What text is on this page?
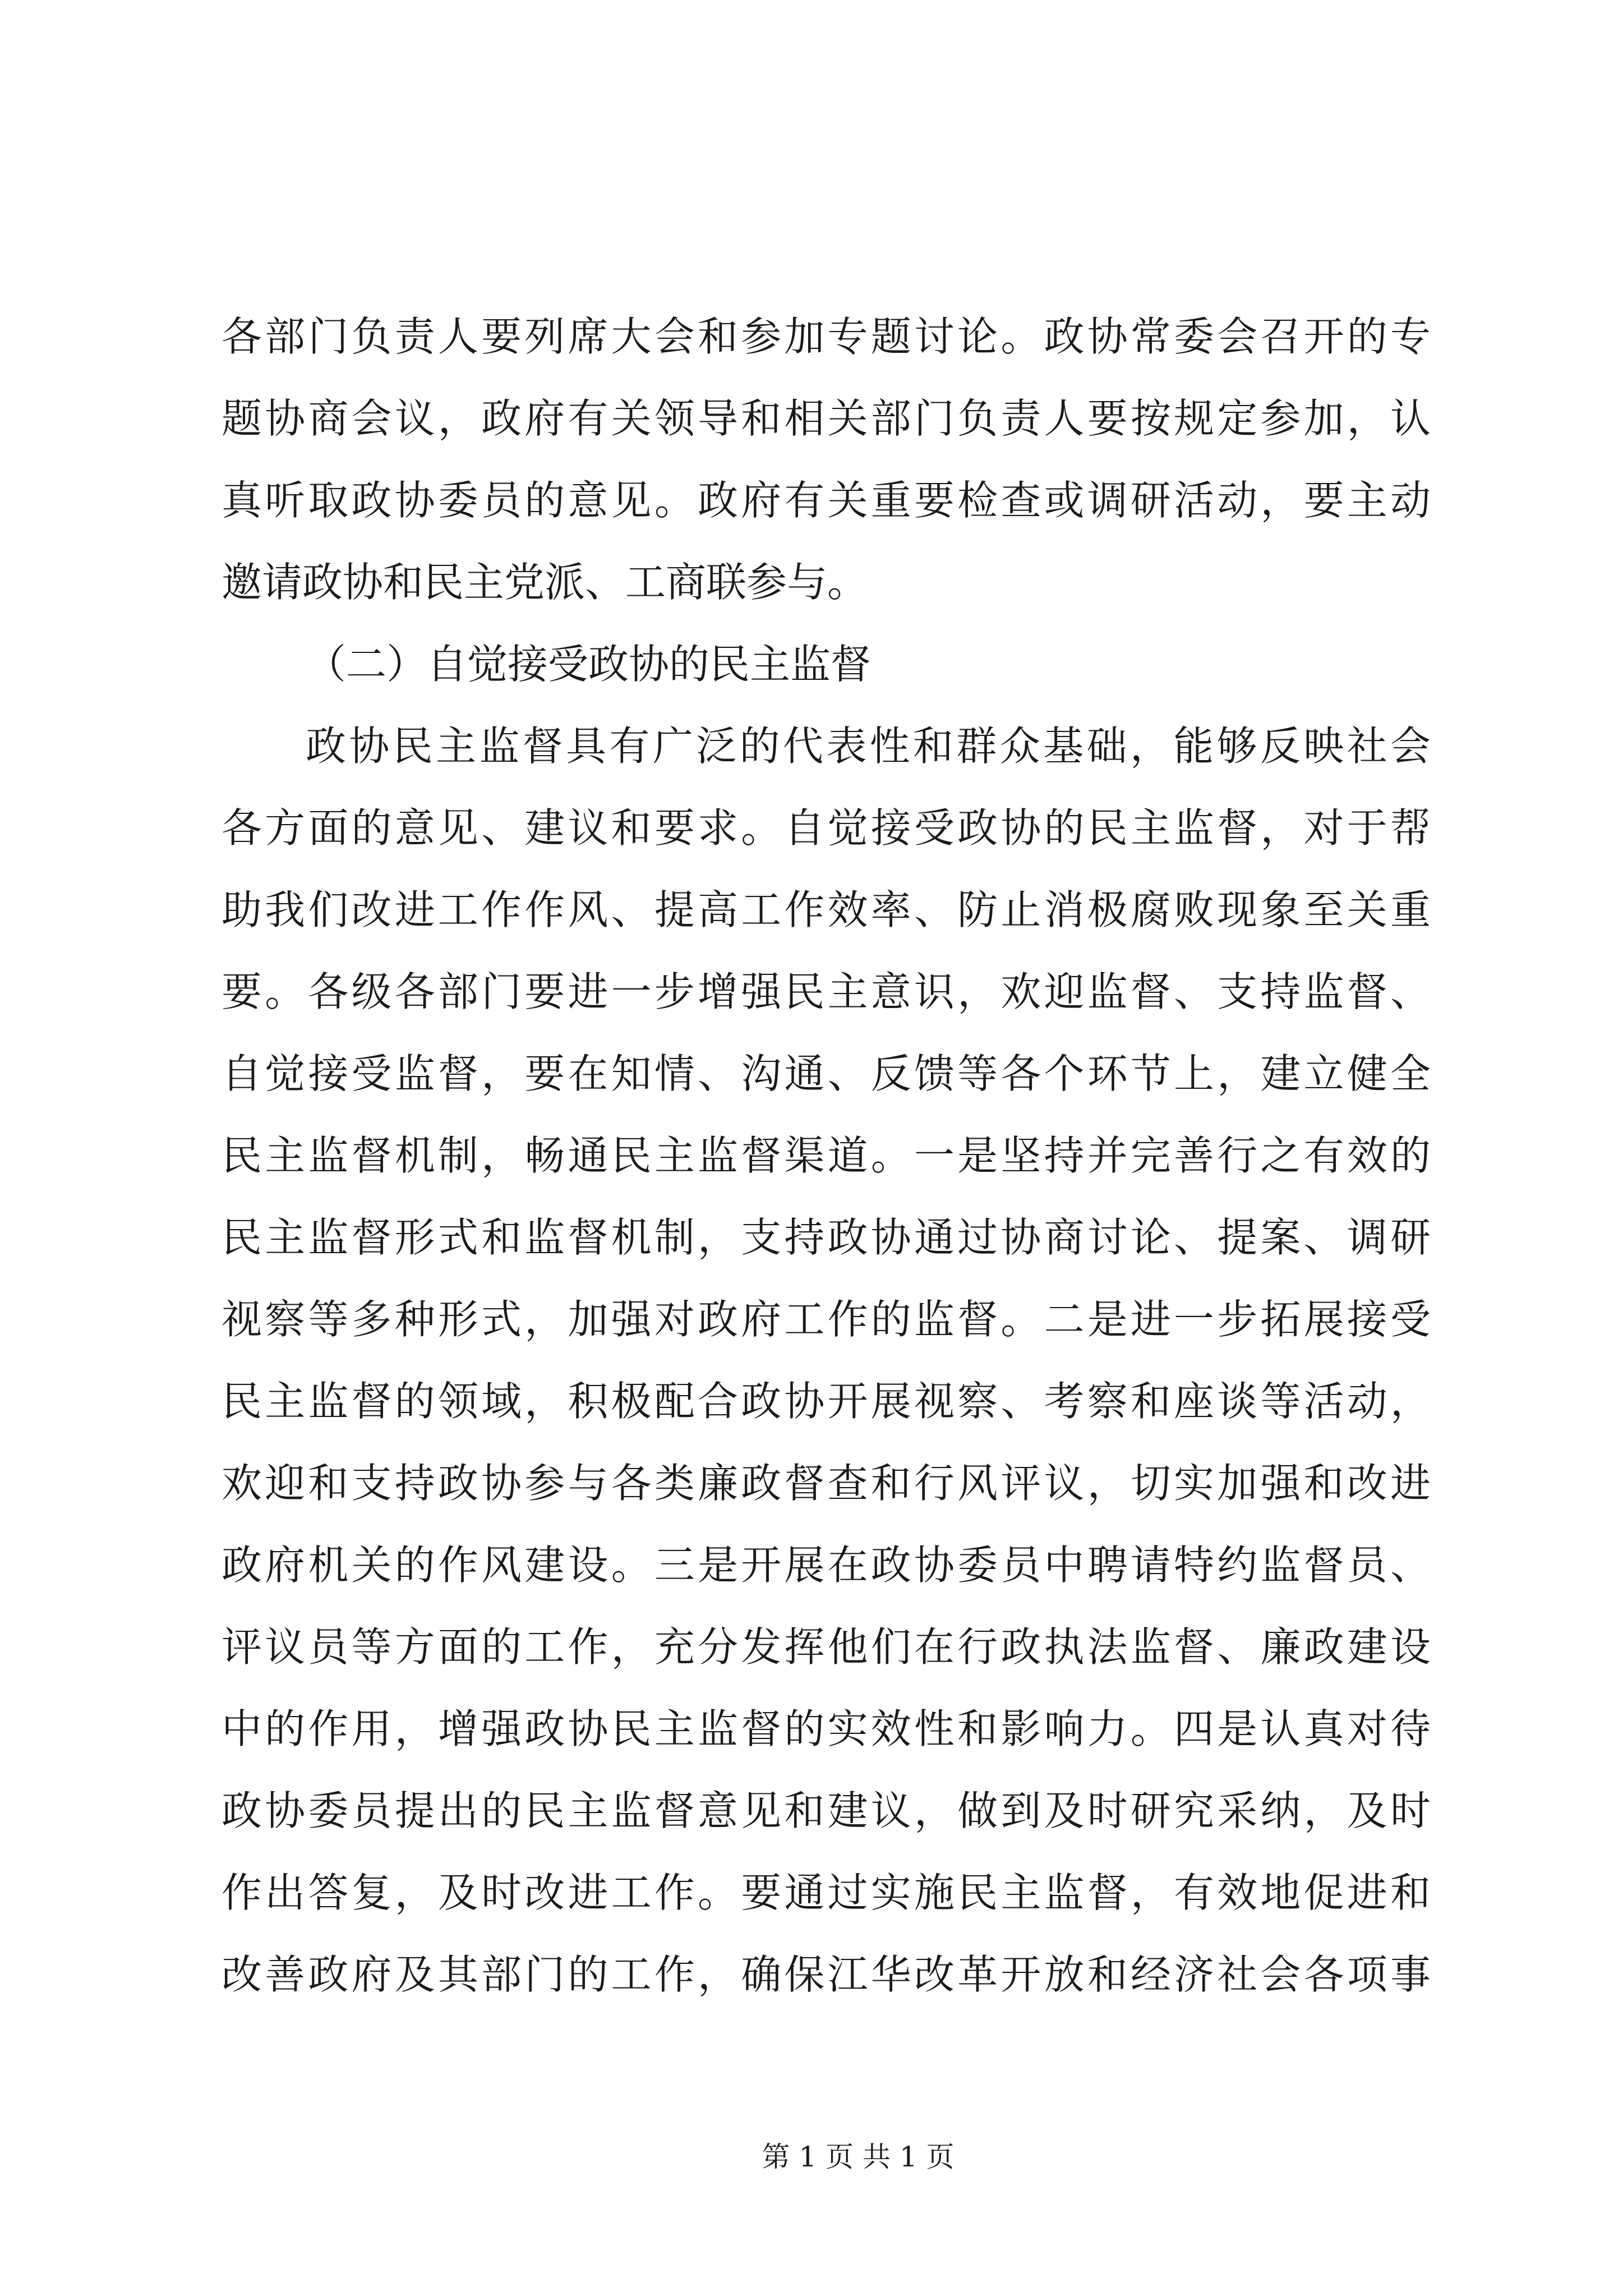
各部门负责人要列席大会和参加专题讨论。政协常委会召开的专
题协商会议，政府有关领导和相关部门负责人要按规定参加，认
真听取政协委员的意见。政府有关重要检查或调研活动，要主动
邀请政协和民主党派、工商联参与。
（二）自觉接受政协的民主监督
政协民主监督具有广泛的代表性和群众基础，能够反映社会
各方面的意见、建议和要求。自觉接受政协的民主监督，对于帮
助我们改进工作作风、提高工作效率、防止消极腐败现象至关重
要。各级各部门要进一步增强民主意识，欢迎监督、支持监督、
自觉接受监督，要在知情、沟通、反馈等各个环节上，建立健全
民主监督机制，畅通民主监督渠道。一是坚持并完善行之有效的
民主监督形式和监督机制，支持政协通过协商讨论、提案、调研
视察等多种形式，加强对政府工作的监督。二是进一步拓展接受
民主监督的领域，积极配合政协开展视察、考察和座谈等活动，
欢迎和支持政协参与各类廉政督查和行风评议，切实加强和改进
政府机关的作风建设。三是开展在政协委员中聘请特约监督员、
评议员等方面的工作，充分发挥他们在行政执法监督、廉政建设
中的作用，增强政协民主监督的实效性和影响力。四是认真对待
政协委员提出的民主监督意见和建议，做到及时研究采纳，及时
作出答复，及时改进工作。要通过实施民主监督，有效地促进和
改善政府及其部门的工作，确保江华改革开放和经济社会各项事
第 1 页 共 1 页
